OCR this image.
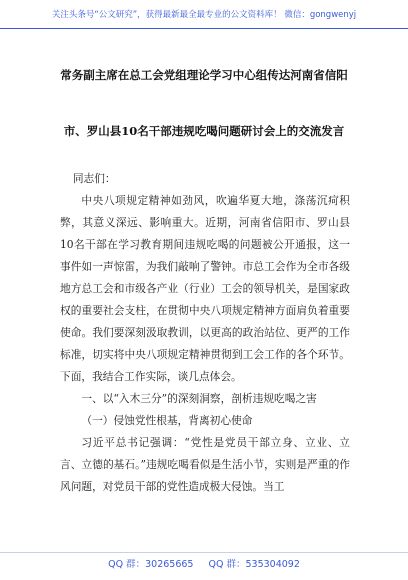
关注头条号“公文研究”，获得最新最全最专业的公文资料库！ 微信：gongwenyj
常务副主席在总工会党组理论学习中心组传达河南省信阳
市、罗山县10名干部违规吃喝问题研讨会上的交流发言

同志们：

中央八项规定精神如劲风，吹遍华夏大地，涤荡沉疴积弊，其意义深远、影响重大。近期，河南省信阳市、罗山县10名干部在学习教育期间违规吃喝的问题被公开通报，这一事件如一声惊雷，为我们敲响了警钟。市总工会作为全市各级地方总工会和市级各产业（行业）工会的领导机关，是国家政权的重要社会支柱，在贯彻中央八项规定精神方面肩负着重要使命。我们要深刻汲取教训，以更高的政治站位、更严的工作标准，切实将中央八项规定精神贯彻到工会工作的各个环节。下面，我结合工作实际，谈几点体会。

一、以“入木三分”的深刻洞察，剖析违规吃喝之害

（一）侵蚀党性根基，背离初心使命

习近平总书记强调：“党性是党员干部立身、立业、立言、立德的基石。”违规吃喝看似是生活小节，实则是严重的作风问题，对党员干部的党性造成极大侵蚀。当工

QQ 群：30265665 QQ 群：535304092
